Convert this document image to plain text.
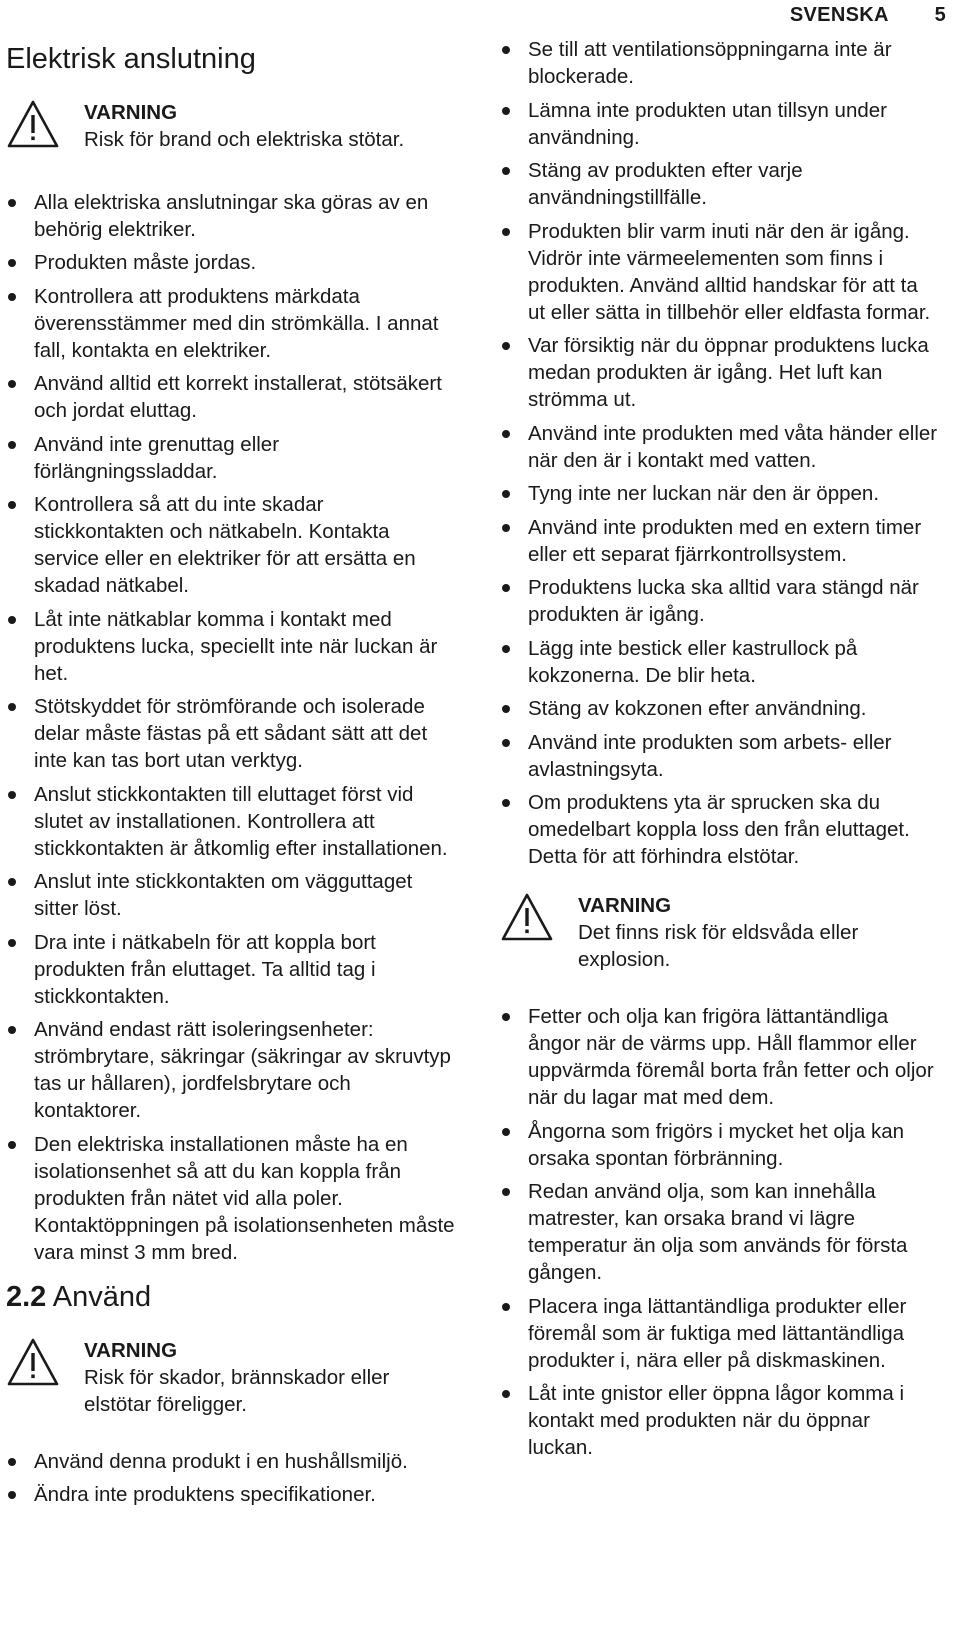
SVENSKA 5
Elektrisk anslutning
VARNING
Risk för brand och elektriska stötar.
Alla elektriska anslutningar ska göras av en behörig elektriker.
Produkten måste jordas.
Kontrollera att produktens märkdata överensstämmer med din strömkälla. I annat fall, kontakta en elektriker.
Använd alltid ett korrekt installerat, stötsäkert och jordat eluttag.
Använd inte grenuttag eller förlängningssladdar.
Kontrollera så att du inte skadar stickkontakten och nätkabeln. Kontakta service eller en elektriker för att ersätta en skadad nätkabel.
Låt inte nätkablar komma i kontakt med produktens lucka, speciellt inte när luckan är het.
Stötskyddet för strömförande och isolerade delar måste fästas på ett sådant sätt att det inte kan tas bort utan verktyg.
Anslut stickkontakten till eluttaget först vid slutet av installationen. Kontrollera att stickkontakten är åtkomlig efter installationen.
Anslut inte stickkontakten om vägguttaget sitter löst.
Dra inte i nätkabeln för att koppla bort produkten från eluttaget. Ta alltid tag i stickkontakten.
Använd endast rätt isoleringsenheter: strömbrytare, säkringar (säkringar av skruvtyp tas ur hållaren), jordfelsbrytare och kontaktorer.
Den elektriska installationen måste ha en isolationsenhet så att du kan koppla från produkten från nätet vid alla poler. Kontaktöppningen på isolationsenheten måste vara minst 3 mm bred.
2.2 Använd
VARNING
Risk för skador, brännskador eller elstötar föreligger.
Använd denna produkt i en hushållsmiljö.
Ändra inte produktens specifikationer.
Se till att ventilationsöppningarna inte är blockerade.
Lämna inte produkten utan tillsyn under användning.
Stäng av produkten efter varje användningstillfälle.
Produkten blir varm inuti när den är igång. Vidrör inte värmeelementen som finns i produkten. Använd alltid handskar för att ta ut eller sätta in tillbehör eller eldfasta formar.
Var försiktig när du öppnar produktens lucka medan produkten är igång. Het luft kan strömma ut.
Använd inte produkten med våta händer eller när den är i kontakt med vatten.
Tyng inte ner luckan när den är öppen.
Använd inte produkten med en extern timer eller ett separat fjärrkontrollsystem.
Produktens lucka ska alltid vara stängd när produkten är igång.
Lägg inte bestick eller kastrullock på kokzonerna. De blir heta.
Stäng av kokzonen efter användning.
Använd inte produkten som arbets- eller avlastningsyta.
Om produktens yta är sprucken ska du omedelbart koppla loss den från eluttaget. Detta för att förhindra elstötar.
VARNING
Det finns risk för eldsvåda eller explosion.
Fetter och olja kan frigöra lättantändliga ångor när de värms upp. Håll flammor eller uppvärmda föremål borta från fetter och oljor när du lagar mat med dem.
Ångorna som frigörs i mycket het olja kan orsaka spontan förbränning.
Redan använd olja, som kan innehålla matrester, kan orsaka brand vi lägre temperatur än olja som används för första gången.
Placera inga lättantändliga produkter eller föremål som är fuktiga med lättantändliga produkter i, nära eller på diskmaskinen.
Låt inte gnistor eller öppna lågor komma i kontakt med produkten när du öppnar luckan.
